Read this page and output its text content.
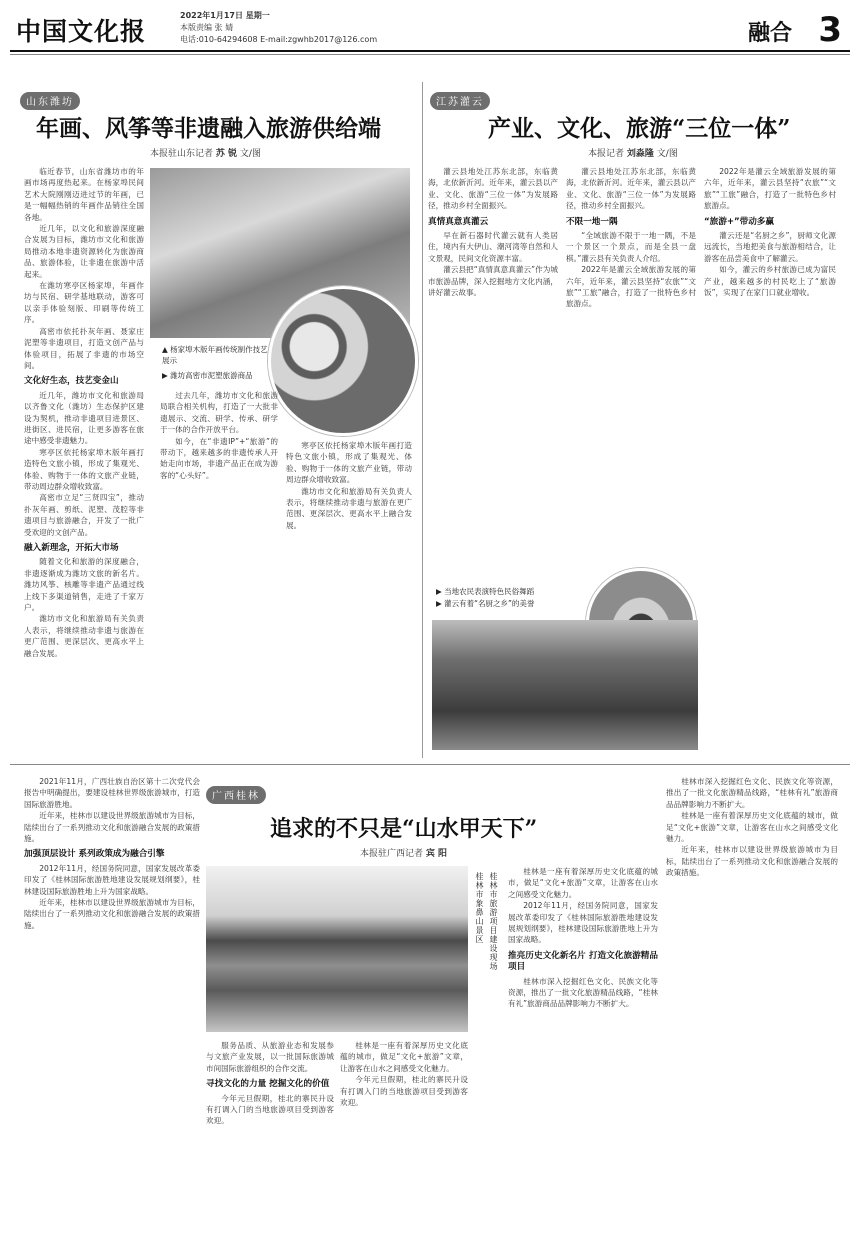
中国文化报
2022年1月17日 星期一
本版责编 张 婧
电话:010-64294608 E-mail:zgwhb2017@126.com	融合 3
山东潍坊
年画、风筝等非遗融入旅游供给端
本报驻山东记者 苏 锐 文/图

临近春节，山东省潍坊市的年画市场再度热起来。在杨家埠民间艺术大院刚刚迈进过节的年画，已是一幅幅热销的年画作品销往全国各地。

近几年，以文化和旅游深度融合发展为目标，潍坊市文化和旅游局推动本地非遗资源转化为旅游商品、旅游体验，让非遗在旅游中活起来。

在潍坊寒亭区杨家埠，年画作坊与民宿、研学基地联动，游客可以亲手体验刻版、印刷等传统工序。

高密市依托扑灰年画、聂家庄泥塑等非遗项目，打造文创产品与体验项目，拓展了非遗的市场空间。

文化好生态，技艺变金山

近几年，潍坊市文化和旅游局以齐鲁文化（潍坊）生态保护区建设为契机，推动非遗项目进景区、进街区、进民宿，让更多游客在旅途中感受非遗魅力。

寒亭区依托杨家埠木版年画打造特色文旅小镇，形成了集观光、体验、购物于一体的文旅产业链，带动周边群众增收致富。

高密市立足“三贤四宝”，推动扑灰年画、剪纸、泥塑、茂腔等非遗项目与旅游融合，开发了一批广受欢迎的文创产品。

融入新理念，开拓大市场

随着文化和旅游的深度融合，非遗逐渐成为潍坊文旅的新名片。潍坊风筝、核雕等非遗产品通过线上线下多渠道销售，走进了千家万户。

潍坊市文化和旅游局有关负责人表示，将继续推动非遗与旅游在更广范围、更深层次、更高水平上融合发展。

▲ 杨家埠木版年画传统制作技艺展示
▶ 潍坊高密市泥塑旅游商品

过去几年，潍坊市文化和旅游局联合相关机构，打造了一大批非遗展示、交流、研学、传承、研学于一体的合作开放平台。

如今，在“非遗IP”+“旅游”的带动下，越来越多的非遗传承人开始走向市场，非遗产品正在成为游客的“心头好”。

寒亭区依托杨家埠木版年画打造特色文旅小镇，形成了集观光、体验、购物于一体的文旅产业链，带动周边群众增收致富。

潍坊市文化和旅游局有关负责人表示，将继续推动非遗与旅游在更广范围、更深层次、更高水平上融合发展。

江苏灌云
产业、文化、旅游“三位一体”
本报记者 刘淼隆 文/图

灌云县地处江苏东北部，东临黄海，北依新沂河。近年来，灌云县以产业、文化、旅游“三位一体”为发展路径，推动乡村全面振兴。

真情真意真灌云

早在新石器时代灌云就有人类居住，境内有大伊山、潮河湾等自然和人文景观，民间文化资源丰富。

灌云县把“真情真意真灌云”作为城市旅游品牌，深入挖掘地方文化内涵，讲好灌云故事。

灌云县地处江苏东北部，东临黄海，北依新沂河。近年来，灌云县以产业、文化、旅游“三位一体”为发展路径，推动乡村全面振兴。

不限一地一隅

“全域旅游不限于一地一隅，不是一个景区一个景点，而是全县一盘棋。”灌云县有关负责人介绍。

2022年是灌云全域旅游发展的第六年，近年来，灌云县坚持“农旅”“文旅”“工旅”融合，打造了一批特色乡村旅游点。

2022年是灌云全域旅游发展的第六年，近年来，灌云县坚持“农旅”“文旅”“工旅”融合，打造了一批特色乡村旅游点。

“旅游+”带动多赢

灌云还是“名厨之乡”，厨师文化源远流长，当地把美食与旅游相结合，让游客在品尝美食中了解灌云。

如今，灌云的乡村旅游已成为富民产业，越来越多的村民吃上了“旅游饭”，实现了在家门口就业增收。

▶ 当地农民表演特色民俗舞蹈
▶ 灌云有着“名厨之乡”的美誉

2021年11月，广西壮族自治区第十二次党代会报告中明确提出，要建设桂林世界级旅游城市，打造国际旅游胜地。

近年来，桂林市以建设世界级旅游城市为目标，陆续出台了一系列推动文化和旅游融合发展的政策措施。

加强顶层设计 系列政策成为融合引擎

2012年11月，经国务院同意，国家发展改革委印发了《桂林国际旅游胜地建设发展规划纲要》，桂林建设国际旅游胜地上升为国家战略。

近年来，桂林市以建设世界级旅游城市为目标，陆续出台了一系列推动文化和旅游融合发展的政策措施。

广西桂林
追求的不只是“山水甲天下”
本报驻广西记者 宾 阳
桂林市象鼻山景区 桂林市旅游项目建设现场

服务品质、从旅游业态和发展参与文旅产业发展，以一批国际旅游城市间国际旅游组织的合作交流。

寻找文化的力量 挖掘文化的价值

今年元旦假期，桂北的寨民升设有打调入门的当地旅游项目受到游客欢迎。

桂林是一座有着深厚历史文化底蕴的城市，做足“文化+旅游”文章，让游客在山水之间感受文化魅力。

今年元旦假期，桂北的寨民升设有打调入门的当地旅游项目受到游客欢迎。

桂林是一座有着深厚历史文化底蕴的城市，做足“文化+旅游”文章，让游客在山水之间感受文化魅力。

2012年11月，经国务院同意，国家发展改革委印发了《桂林国际旅游胜地建设发展规划纲要》，桂林建设国际旅游胜地上升为国家战略。

推亮历史文化新名片 打造文化旅游精品项目

桂林市深入挖掘红色文化、民族文化等资源，推出了一批文化旅游精品线路，“桂林有礼”旅游商品品牌影响力不断扩大。

桂林市深入挖掘红色文化、民族文化等资源，推出了一批文化旅游精品线路，“桂林有礼”旅游商品品牌影响力不断扩大。

桂林是一座有着深厚历史文化底蕴的城市，做足“文化+旅游”文章，让游客在山水之间感受文化魅力。

近年来，桂林市以建设世界级旅游城市为目标，陆续出台了一系列推动文化和旅游融合发展的政策措施。
